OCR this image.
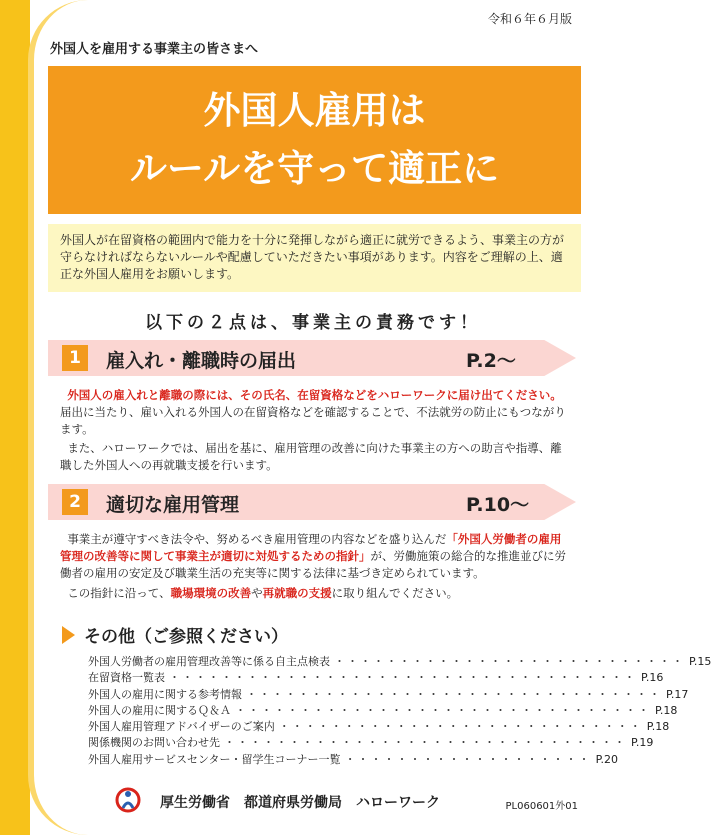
令和６年６月版
外国人を雇用する事業主の皆さまへ
外国人雇用は
ルールを守って適正に
外国人が在留資格の範囲内で能力を十分に発揮しながら適正に就労できるよう、事業主の方が守らなければならないルールや配慮していただきたい事項があります。内容をご理解の上、適正な外国人雇用をお願いします。
以下の２点は、事業主の責務です！
1	雇入れ・離職時の届出	P.2～
外国人の雇入れと離職の際には、その氏名、在留資格などをハローワークに届け出てください。届出に当たり、雇い入れる外国人の在留資格などを確認することで、不法就労の防止にもつながります。
また、ハローワークでは、届出を基に、雇用管理の改善に向けた事業主の方への助言や指導、離職した外国人への再就職支援を行います。
2	適切な雇用管理	P.10～
事業主が遵守すべき法令や、努めるべき雇用管理の内容などを盛り込んだ「外国人労働者の雇用管理の改善等に関して事業主が適切に対処するための指針」が、労働施策の総合的な推進並びに労働者の雇用の安定及び職業生活の充実等に関する法律に基づき定められています。
この指針に沿って、職場環境の改善や再就職の支援に取り組んでください。
その他（ご参照ください）
外国人労働者の雇用管理改善等に係る自主点検表 ・・・・・・・・・・・・・・・・・・・・・・・・・・・ P.15
在留資格一覧表 ・・・・・・・・・・・・・・・・・・・・・・・・・・・・・・・・・・・・ P.16
外国人の雇用に関する参考情報 ・・・・・・・・・・・・・・・・・・・・・・・・・・・・・・・・ P.17
外国人の雇用に関するＱ＆Ａ ・・・・・・・・・・・・・・・・・・・・・・・・・・・・・・・・ P.18
外国人雇用管理アドバイザーのご案内 ・・・・・・・・・・・・・・・・・・・・・・・・・・・・ P.18
関係機関のお問い合わせ先 ・・・・・・・・・・・・・・・・・・・・・・・・・・・・・・・ P.19
外国人雇用サービスセンター・留学生コーナー一覧 ・・・・・・・・・・・・・・・・・・・ P.20
厚生労働省　都道府県労働局　ハローワーク	PL060601外01
